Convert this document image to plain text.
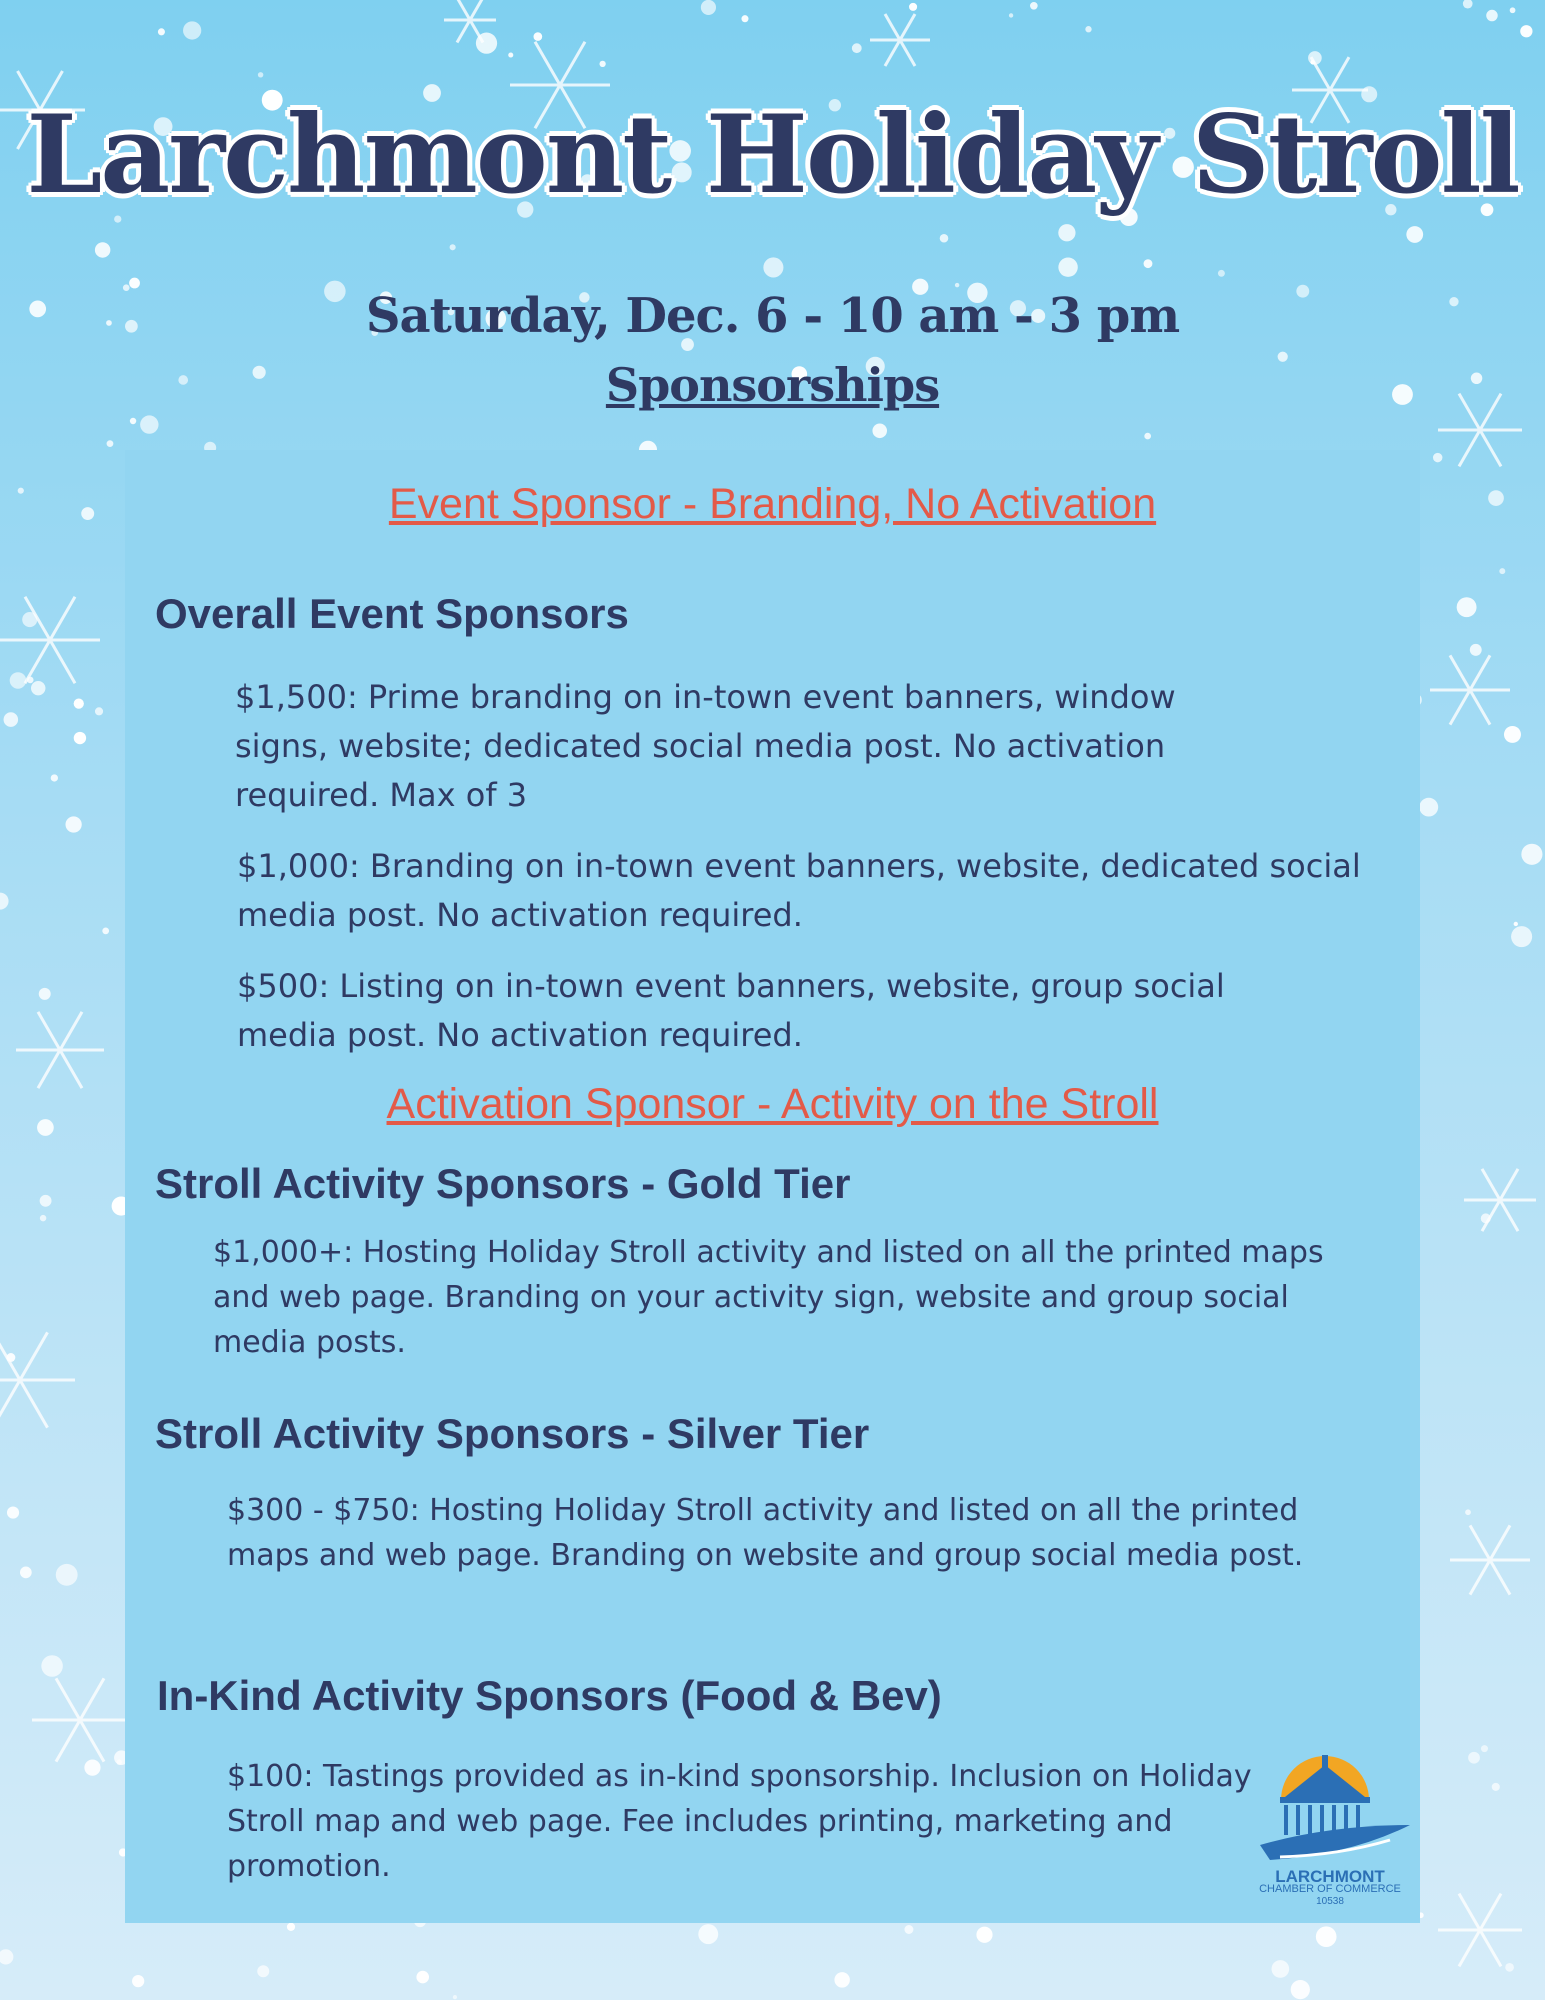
Larchmont Holiday Stroll
Saturday, Dec. 6 - 10 am - 3 pm
Sponsorships
Event Sponsor - Branding, No Activation
Overall Event Sponsors
$1,500: Prime branding on in-town event banners, window signs, website; dedicated social media post. No activation required. Max of 3
$1,000: Branding on in-town event banners, website, dedicated social media post. No activation required.
$500: Listing on in-town event banners, website, group social media post. No activation required.
Activation Sponsor - Activity on the Stroll
Stroll Activity Sponsors - Gold Tier
$1,000+: Hosting Holiday Stroll activity and listed on all the printed maps and web page. Branding on your activity sign, website and group social media posts.
Stroll Activity Sponsors - Silver Tier
$300 - $750: Hosting Holiday Stroll activity and listed on all the printed maps and web page. Branding on website and group social media post.
In-Kind Activity Sponsors (Food & Bev)
$100: Tastings provided as in-kind sponsorship. Inclusion on Holiday Stroll map and web page. Fee includes printing, marketing and promotion.	LARCHMONT
CHAMBER OF COMMERCE
10538
